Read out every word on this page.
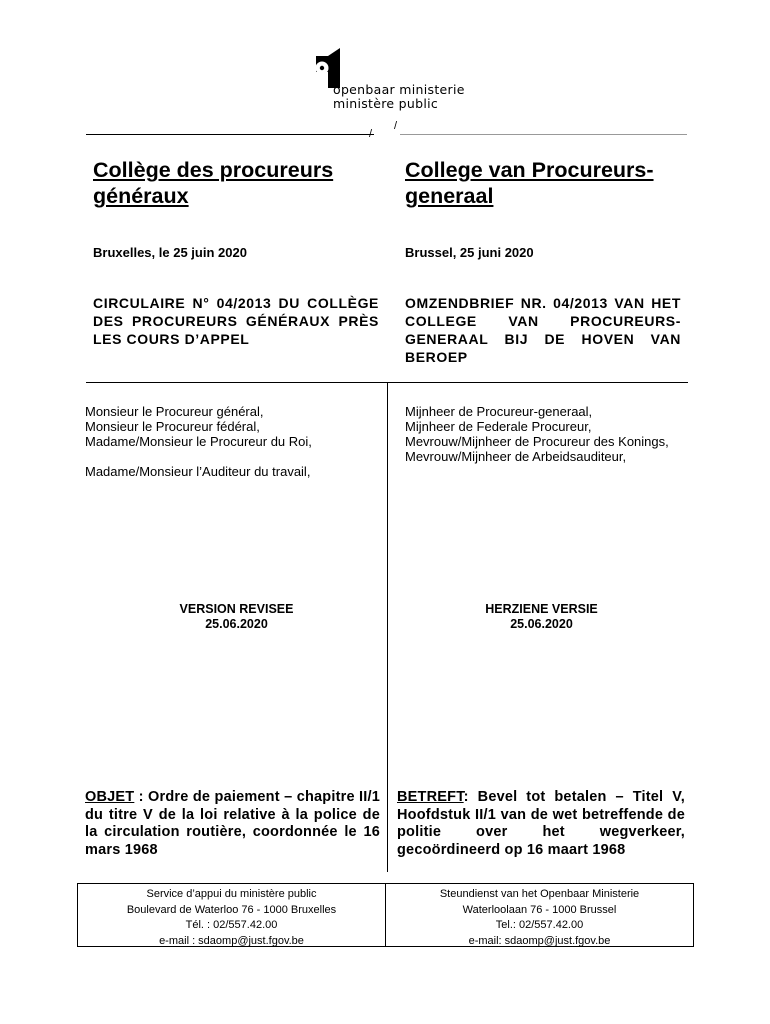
openbaar ministerie
ministère public
/
/
Collège des procureurs
généraux
College van Procureurs-
generaal
Bruxelles, le 25 juin 2020	Brussel, 25 juni 2020
CIRCULAIRE N° 04/2013 DU COLLÈGE DES PROCUREURS GÉNÉRAUX PRÈS LES COURS D’APPEL
OMZENDBRIEF NR. 04/2013 VAN HET COLLEGE VAN PROCUREURS-GENERAAL BIJ DE HOVEN VAN BEROEP
Monsieur le Procureur général,
Monsieur le Procureur fédéral,
Madame/Monsieur le Procureur du Roi,
Madame/Monsieur l’Auditeur du travail,
Mijnheer de Procureur-generaal,
Mijnheer de Federale Procureur,
Mevrouw/Mijnheer de Procureur des Konings,
Mevrouw/Mijnheer de Arbeidsauditeur,
VERSION REVISEE
25.06.2020
HERZIENE VERSIE
25.06.2020
OBJET : Ordre de paiement – chapitre II/1 du titre V de la loi relative à la police de la circulation routière, coordonnée le 16 mars 1968
BETREFT: Bevel tot betalen – Titel V, Hoofdstuk II/1 van de wet betreffende de politie over het wegverkeer, gecoördineerd op 16 maart 1968
Service d’appui du ministère public
Boulevard de Waterloo 76 - 1000 Bruxelles
Tél. : 02/557.42.00
e-mail : sdaomp@just.fgov.be
Steundienst van het Openbaar Ministerie
Waterloolaan 76 - 1000 Brussel
Tel.: 02/557.42.00
e-mail: sdaomp@just.fgov.be
